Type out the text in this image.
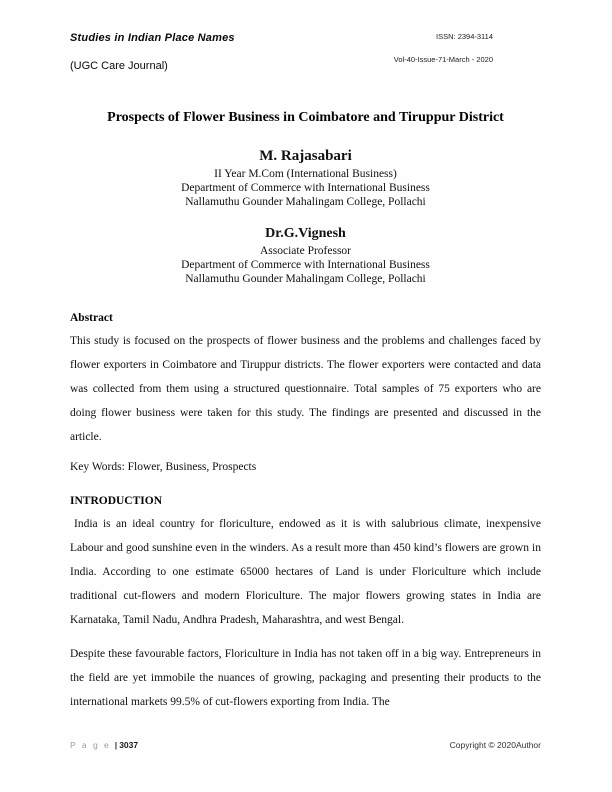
Studies in Indian Place Names
(UGC Care Journal)
ISSN: 2394-3114
Vol-40-Issue-71-March - 2020
Prospects of Flower Business in Coimbatore and Tiruppur District
M. Rajasabari
II Year M.Com (International Business)
Department of Commerce with International Business
Nallamuthu Gounder Mahalingam College, Pollachi
Dr.G.Vignesh
Associate Professor
Department of Commerce with International Business
Nallamuthu Gounder Mahalingam College, Pollachi
Abstract

This study is focused on the prospects of flower business and the problems and challenges faced by flower exporters in Coimbatore and Tiruppur districts. The flower exporters were contacted and data was collected from them using a structured questionnaire. Total samples of 75 exporters who are doing flower business were taken for this study. The findings are presented and discussed in the article.

Key Words: Flower, Business, Prospects
INTRODUCTION

India is an ideal country for floriculture, endowed as it is with salubrious climate, inexpensive Labour and good sunshine even in the winders. As a result more than 450 kind’s flowers are grown in India. According to one estimate 65000 hectares of Land is under Floriculture which include traditional cut-flowers and modern Floriculture. The major flowers growing states in India are Karnataka, Tamil Nadu, Andhra Pradesh, Maharashtra, and west Bengal.

Despite these favourable factors, Floriculture in India has not taken off in a big way. Entrepreneurs in the field are yet immobile the nuances of growing, packaging and presenting their products to the international markets 99.5% of cut-flowers exporting from India. The

P a g e | 3037	Copyright © 2020Author
